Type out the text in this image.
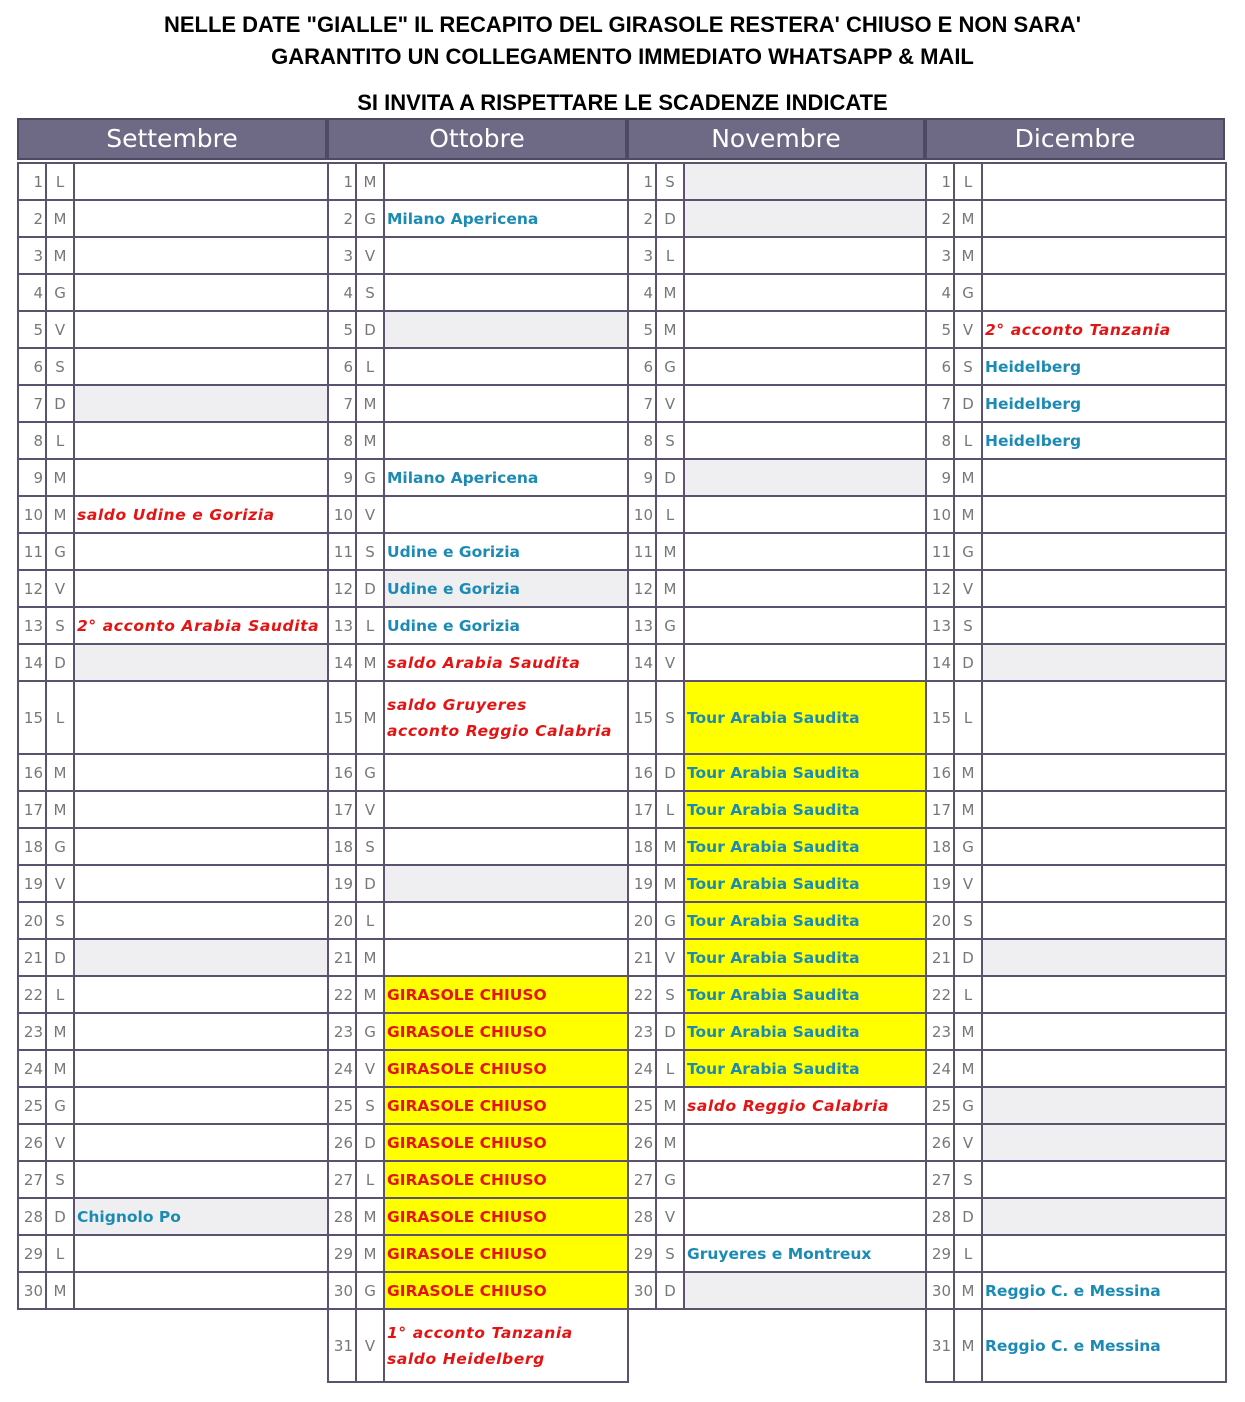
NELLE DATE "GIALLE" IL RECAPITO DEL GIRASOLE RESTERA' CHIUSO E NON SARA'
GARANTITO UN COLLEGAMENTO IMMEDIATO WHATSAPP & MAIL
SI INVITA A RISPETTARE LE SCADENZE INDICATE
Settembre
1 L
2 M
3 M
4 G
5 V
6 S
7 D
8 L
9 M
10 M saldo Udine e Gorizia
11 G
12 V
13 S 2° acconto Arabia Saudita
14 D
15 L
16 M
17 M
18 G
19 V
20 S
21 D
22 L
23 M
24 M
25 G
26 V
27 S
28 D Chignolo Po
29 L
30 M
Ottobre
1 M
2 G Milano Apericena
3 V
4 S
5 D
6 L
7 M
8 M
9 G Milano Apericena
10 V
11 S Udine e Gorizia
12 D Udine e Gorizia
13 L Udine e Gorizia
14 M saldo Arabia Saudita
15 M
saldo Gruyeres
acconto Reggio Calabria
16 G
17 V
18 S
19 D
20 L
21 M
22 M GIRASOLE CHIUSO
23 G GIRASOLE CHIUSO
24 V GIRASOLE CHIUSO
25 S GIRASOLE CHIUSO
26 D GIRASOLE CHIUSO
27 L GIRASOLE CHIUSO
28 M GIRASOLE CHIUSO
29 M GIRASOLE CHIUSO
30 G GIRASOLE CHIUSO
31 V
1° acconto Tanzania
saldo Heidelberg
Novembre
1 S
2 D
3 L
4 M
5 M
6 G
7 V
8 S
9 D
10 L
11 M
12 M
13 G
14 V
15 S Tour Arabia Saudita
16 D Tour Arabia Saudita
17 L Tour Arabia Saudita
18 M Tour Arabia Saudita
19 M Tour Arabia Saudita
20 G Tour Arabia Saudita
21 V Tour Arabia Saudita
22 S Tour Arabia Saudita
23 D Tour Arabia Saudita
24 L Tour Arabia Saudita
25 M saldo Reggio Calabria
26 M
27 G
28 V
29 S Gruyeres e Montreux
30 D
Dicembre
1 L
2 M
3 M
4 G
5 V 2° acconto Tanzania
6 S Heidelberg
7 D Heidelberg
8 L Heidelberg
9 M
10 M
11 G
12 V
13 S
14 D
15 L
16 M
17 M
18 G
19 V
20 S
21 D
22 L
23 M
24 M
25 G
26 V
27 S
28 D
29 L
30 M Reggio C. e Messina
31 M Reggio C. e Messina
